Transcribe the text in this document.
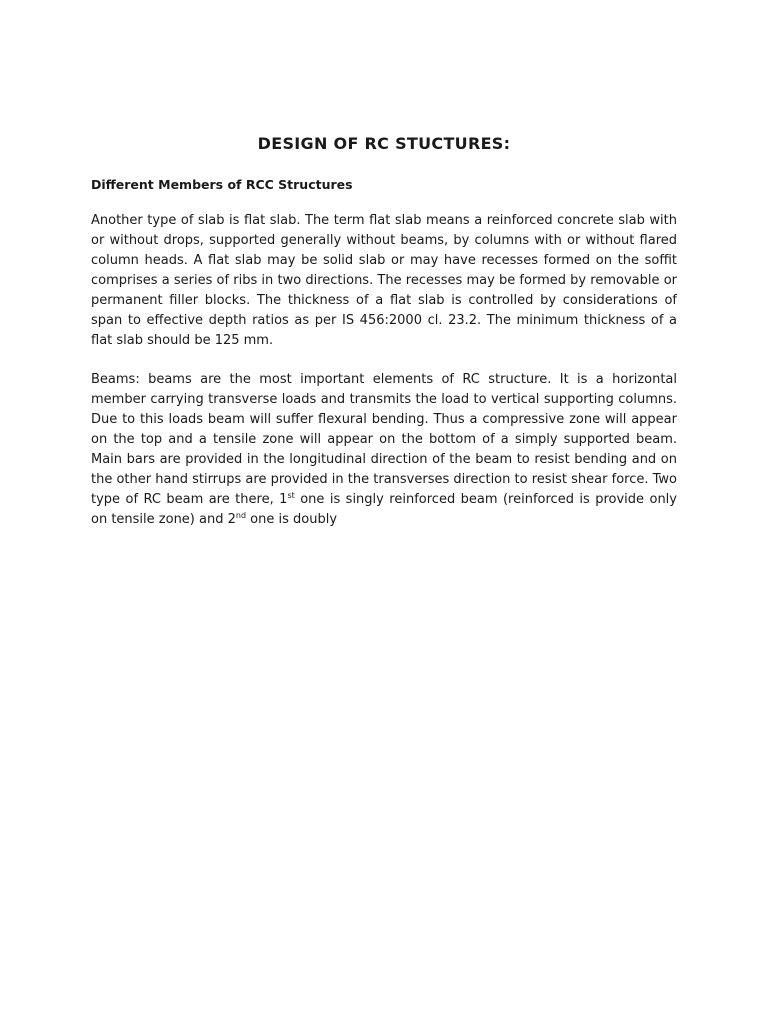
DESIGN OF RC STUCTURES:
Different Members of RCC Structures

Another type of slab is flat slab. The term flat slab means a reinforced concrete slab with or without drops, supported generally without beams, by columns with or without flared column heads. A flat slab may be solid slab or may have recesses formed on the soffit comprises a series of ribs in two directions. The recesses may be formed by removable or permanent filler blocks. The thickness of a flat slab is controlled by considerations of span to effective depth ratios as per IS 456:2000 cl. 23.2. The minimum thickness of a flat slab should be 125 mm.

Beams: beams are the most important elements of RC structure. It is a horizontal member carrying transverse loads and transmits the load to vertical supporting columns. Due to this loads beam will suffer flexural bending. Thus a compressive zone will appear on the top and a tensile zone will appear on the bottom of a simply supported beam. Main bars are provided in the longitudinal direction of the beam to resist bending and on the other hand stirrups are provided in the transverses direction to resist shear force. Two type of RC beam are there, 1st one is singly reinforced beam (reinforced is provide only on tensile zone) and 2nd one is doubly
